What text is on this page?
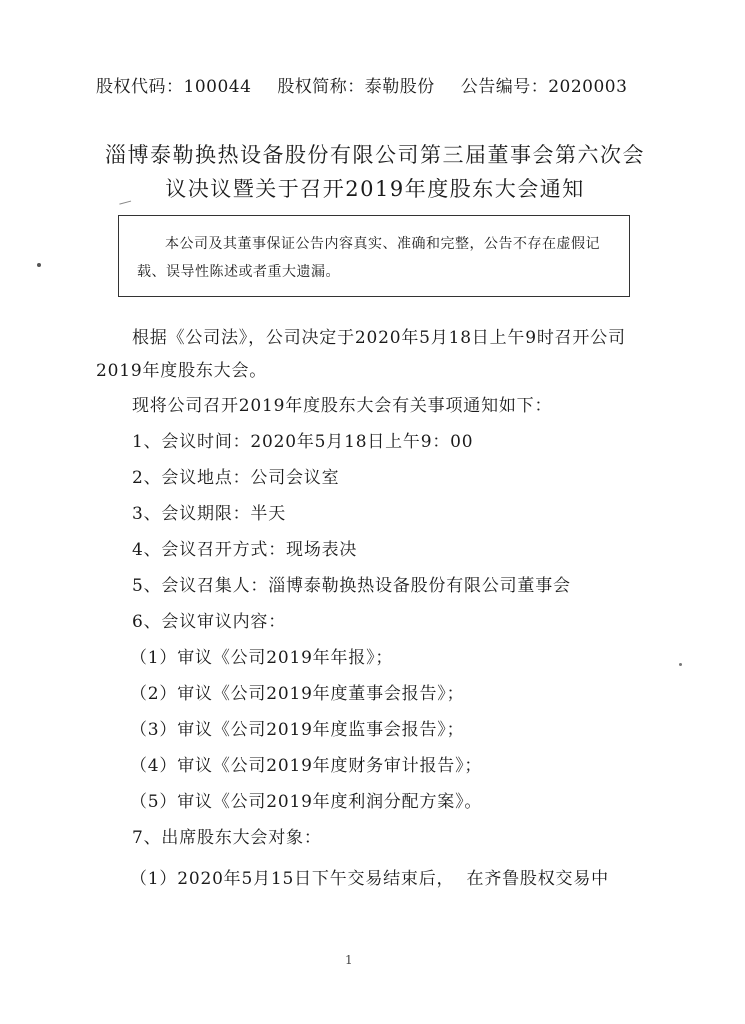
股权代码：100044 股权简称：泰勒股份 公告编号：2020003
淄博泰勒换热设备股份有限公司第三届董事会第六次会
议决议暨关于召开2019年度股东大会通知
本公司及其董事保证公告内容真实、准确和完整，公告不存在虚假记载、误导性陈述或者重大遗漏。

根据《公司法》，公司决定于2020年5月18日上午9时召开公司2019年度股东大会。

现将公司召开2019年度股东大会有关事项通知如下：
1、会议时间：2020年5月18日上午9：00
2、会议地点：公司会议室
3、会议期限：半天
4、会议召开方式：现场表决
5、会议召集人：淄博泰勒换热设备股份有限公司董事会
6、会议审议内容：
（1）审议《公司2019年年报》；
（2）审议《公司2019年度董事会报告》；
（3）审议《公司2019年度监事会报告》；
（4）审议《公司2019年度财务审计报告》；
（5）审议《公司2019年度利润分配方案》。
7、出席股东大会对象：
（1）2020年5月15日下午交易结束后， 在齐鲁股权交易中
1
